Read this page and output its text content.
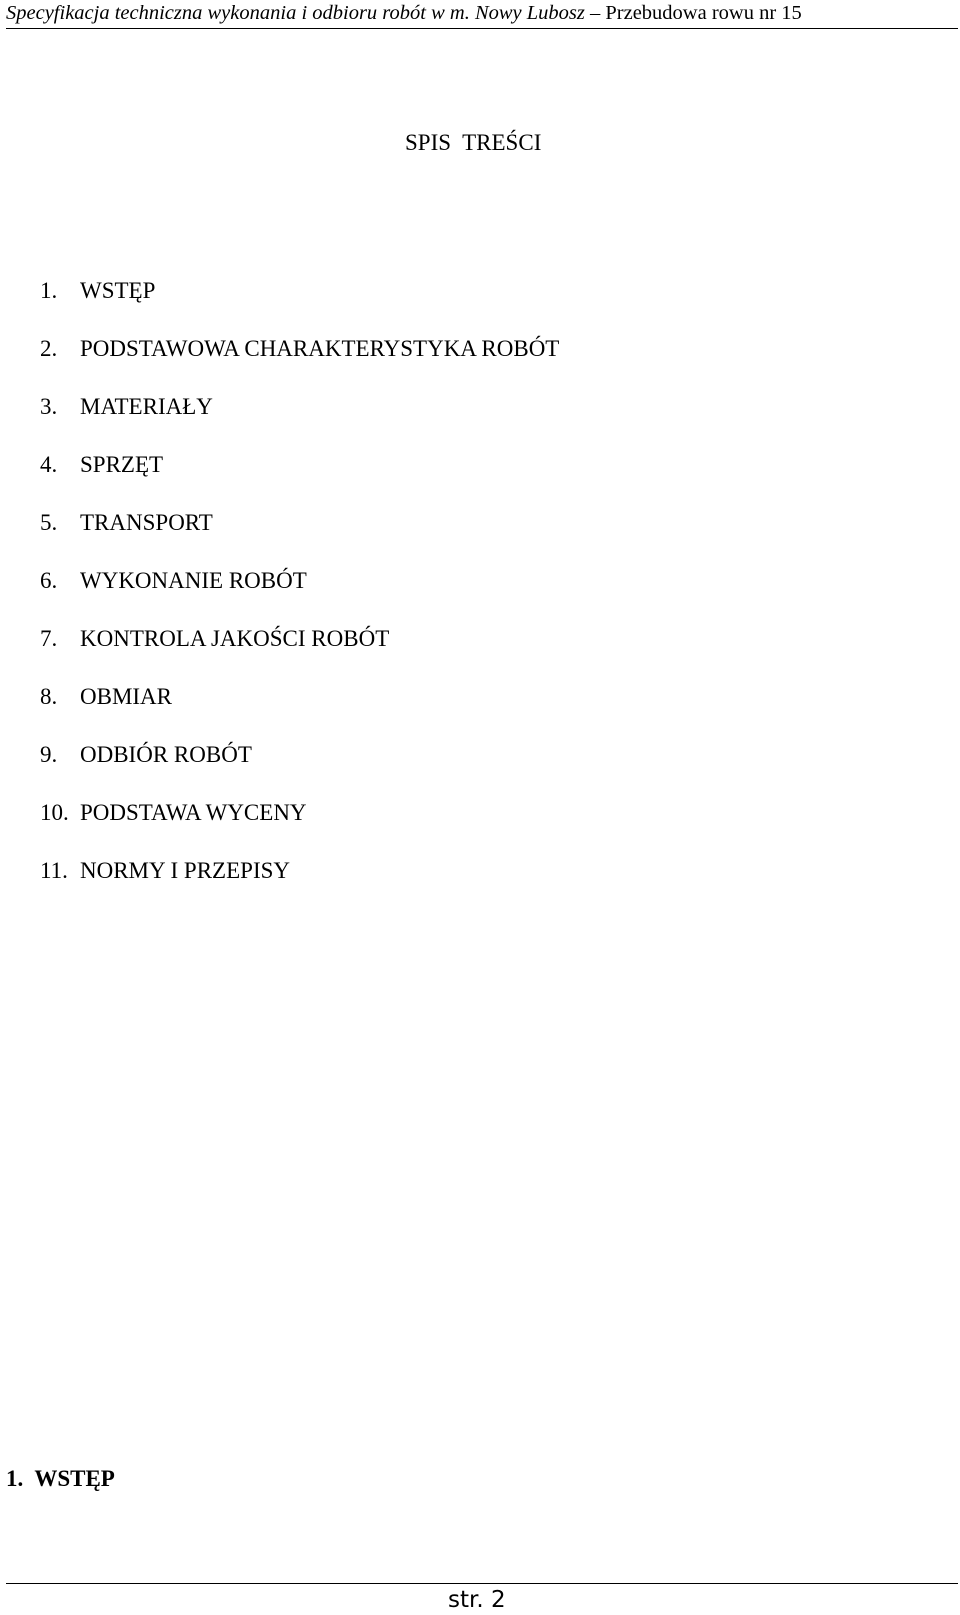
Specyfikacja techniczna wykonania i odbioru robót w m. Nowy Lubosz – Przebudowa rowu nr 15
SPIS  TREŚCI
1. WSTĘP
2. PODSTAWOWA CHARAKTERYSTYKA ROBÓT
3. MATERIAŁY
4. SPRZĘT
5. TRANSPORT
6. WYKONANIE ROBÓT
7. KONTROLA JAKOŚCI ROBÓT
8. OBMIAR
9. ODBIÓR ROBÓT
10. PODSTAWA WYCENY
11. NORMY I PRZEPISY
1.  WSTĘP
str. 2
